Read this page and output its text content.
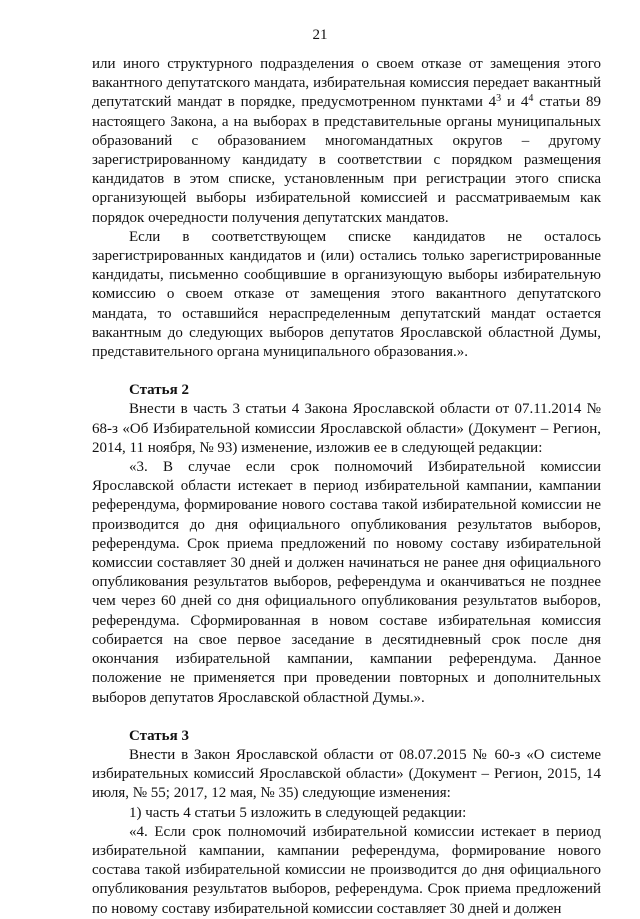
21

или иного структурного подразделения о своем отказе от замещения этого вакантного депутатского мандата, избирательная комиссия передает вакантный депутатский мандат в порядке, предусмотренном пунктами $4^3$ и $4^4$ статьи 89 настоящего Закона, а на выборах в представительные органы муниципальных образований с образованием многомандатных округов – другому зарегистрированному кандидату в соответствии с порядком размещения кандидатов в этом списке, установленным при регистрации этого списка организующей выборы избирательной комиссией и рассматриваемым как порядок очередности получения депутатских мандатов.

Если в соответствующем списке кандидатов не осталось зарегистрированных кандидатов и (или) остались только зарегистрированные кандидаты, письменно сообщившие в организующую выборы избирательную комиссию о своем отказе от замещения этого вакантного депутатского мандата, то оставшийся нераспределенным депутатский мандат остается вакантным до следующих выборов депутатов Ярославской областной Думы, представительного органа муниципального образования.».

Статья 2

Внести в часть 3 статьи 4 Закона Ярославской области от 07.11.2014 № 68-з «Об Избирательной комиссии Ярославской области» (Документ – Регион, 2014, 11 ноября, № 93) изменение, изложив ее в следующей редакции:

«3. В случае если срок полномочий Избирательной комиссии Ярославской области истекает в период избирательной кампании, кампании референдума, формирование нового состава такой избирательной комиссии не производится до дня официального опубликования результатов выборов, референдума. Срок приема предложений по новому составу избирательной комиссии составляет 30 дней и должен начинаться не ранее дня официального опубликования результатов выборов, референдума и оканчиваться не позднее чем через 60 дней со дня официального опубликования результатов выборов, референдума. Сформированная в новом составе избирательная комиссия собирается на свое первое заседание в десятидневный срок после дня окончания избирательной кампании, кампании референдума. Данное положение не применяется при проведении повторных и дополнительных выборов депутатов Ярославской областной Думы.».

Статья 3

Внести в Закон Ярославской области от 08.07.2015 № 60-з «О системе избирательных комиссий Ярославской области» (Документ – Регион, 2015, 14 июля, № 55; 2017, 12 мая, № 35) следующие изменения:

1) часть 4 статьи 5 изложить в следующей редакции:

«4. Если срок полномочий избирательной комиссии истекает в период избирательной кампании, кампании референдума, формирование нового состава такой избирательной комиссии не производится до дня официального опубликования результатов выборов, референдума. Срок приема предложений по новому составу избирательной комиссии составляет 30 дней и должен
